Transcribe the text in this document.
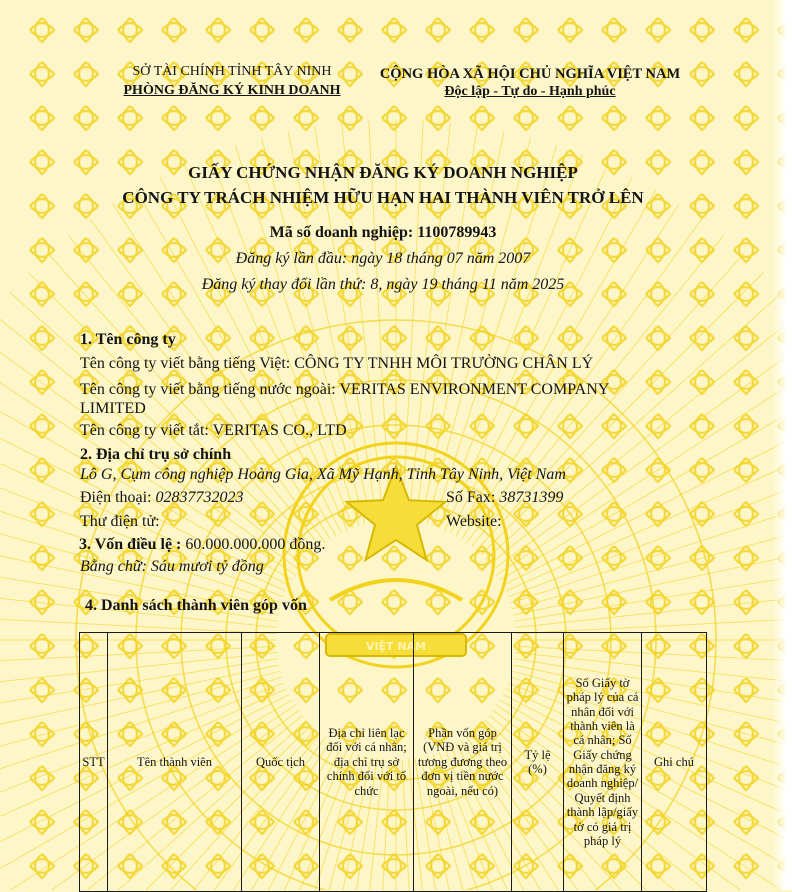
VIỆT NAM
SỞ TÀI CHÍNH TỈNH TÂY NINH
PHÒNG ĐĂNG KÝ KINH DOANH
CỘNG HÒA XÃ HỘI CHỦ NGHĨA VIỆT NAM
Độc lập - Tự do - Hạnh phúc
GIẤY CHỨNG NHẬN ĐĂNG KÝ DOANH NGHIỆP
CÔNG TY TRÁCH NHIỆM HỮU HẠN HAI THÀNH VIÊN TRỞ LÊN
Mã số doanh nghiệp: 1100789943
Đăng ký lần đầu: ngày 18 tháng 07 năm 2007
Đăng ký thay đổi lần thứ: 8, ngày 19 tháng 11 năm 2025
1. Tên công ty
Tên công ty viết bằng tiếng Việt: CÔNG TY TNHH MÔI TRƯỜNG CHÂN LÝ
Tên công ty viết bằng tiếng nước ngoài: VERITAS ENVIRONMENT COMPANY
LIMITED
Tên công ty viết tắt: VERITAS CO., LTD
2. Địa chỉ trụ sở chính
Lô G, Cụm công nghiệp Hoàng Gia, Xã Mỹ Hạnh, Tỉnh Tây Ninh, Việt Nam
Điện thoại: 02837732023	Số Fax: 38731399
Thư điện tử:	Website:
3. Vốn điều lệ : 60.000.000.000 đồng.
Bằng chữ: Sáu mươi tỷ đồng
4. Danh sách thành viên góp vốn
STT	Tên thành viên	Quốc tịch	Địa chỉ liên lạc đối với cá nhân; địa chỉ trụ sở chính đối với tổ chức	Phần vốn góp (VNĐ và giá trị tương đương theo đơn vị tiền nước ngoài, nếu có)	Tỷ lệ (%)	Số Giấy tờ pháp lý của cá nhân đối với thành viên là cá nhân; Số Giấy chứng nhận đăng ký doanh nghiệp/ Quyết định thành lập/giấy tờ có giá trị pháp lý	Ghi chú
